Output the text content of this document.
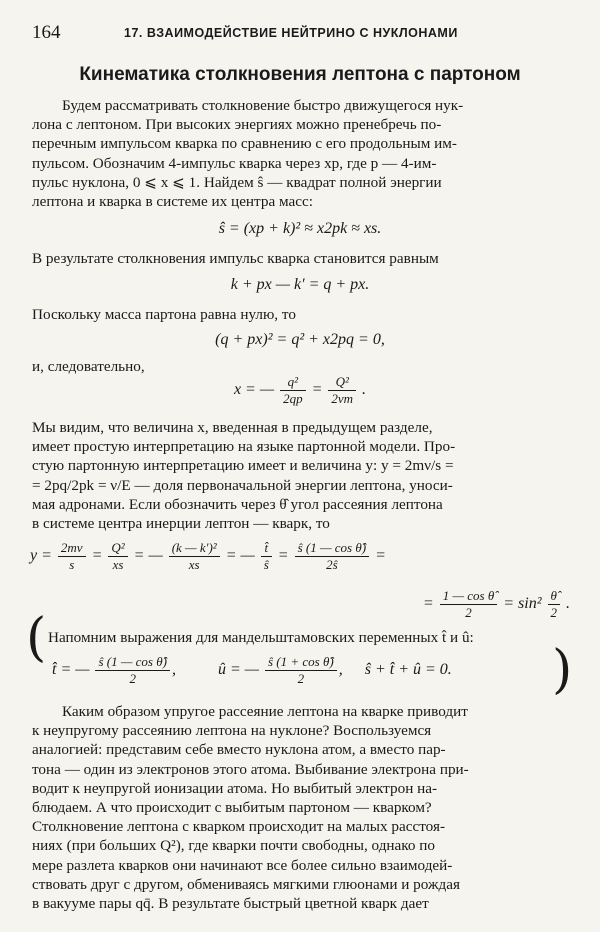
164	17. ВЗАИМОДЕЙСТВИЕ НЕЙТРИНО С НУКЛОНАМИ
Кинематика столкновения лептона с партоном
Будем рассматривать столкновение быстро движущегося нук-
лона с лептоном. При высоких энергиях можно пренебречь по-
перечным импульсом кварка по сравнению с его продольным им-
пульсом. Обозначим 4-импульс кварка через xp, где p — 4-им-
пульс нуклона, 0 ⩽ x ⩽ 1. Найдем ŝ — квадрат полной энергии
лептона и кварка в системе их центра масс:
ŝ = (xp + k)² ≈ x2pk ≈ xs.
В результате столкновения импульс кварка становится равным
k + px — k′ = q + px.
Поскольку масса партона равна нулю, то
(q + px)² = q² + x2pq = 0,
и, следовательно,
x = — $\frac{\text{q²}}{2qp} = \frac{\text{Q²}}{2\nu m}$ .
Мы видим, что величина x, введенная в предыдущем разделе,
имеет простую интерпретацию на языке партонной модели. Про-
стую партонную интерпретацию имеет и величина y: y = 2mν/s =
= 2pq/2pk = ν/E — доля первоначальной энергии лептона, уноси-
мая адронами. Если обозначить через θ̂ угол рассеяния лептона
в системе центра инерции лептон — кварк, то
$y = \frac{2m\nu}{s} = \frac{\text{Q²}}{xs}$ = — $\frac{\text{(k — k′)²}}{xs}$ = — $\frac{t̂}{ŝ} = \frac{\text{ŝ (1 — cos θ̂)}}{2ŝ}$ =
= $\frac{\text{1 — cos θ̂}}{2} = \sin^2 \frac{\thetâ}{2}$ .
( Напомним выражения для мандельштамовских переменных t̂ и û:
t̂ = — $\frac{\text{ŝ (1 — cos θ̂)}}{2}$ ,  û = — $\frac{\text{ŝ (1 + cos θ̂)}}{2}$ ,  ŝ + t̂ + û = 0. )
Каким образом упругое рассеяние лептона на кварке приводит
к неупругому рассеянию лептона на нуклоне? Воспользуемся
аналогией: представим себе вместо нуклона атом, а вместо пар-
тона — один из электронов этого атома. Выбивание электрона при-
водит к неупругой ионизации атома. Но выбитый электрон на-
блюдаем. А что происходит с выбитым партоном — кварком?
Столкновение лептона с кварком происходит на малых расстоя-
ниях (при больших Q²), где кварки почти свободны, однако по
мере разлета кварков они начинают все более сильно взаимодей-
ствовать друг с другом, обмениваясь мягкими глюонами и рождая
в вакууме пары qq̄. В результате быстрый цветной кварк дает
